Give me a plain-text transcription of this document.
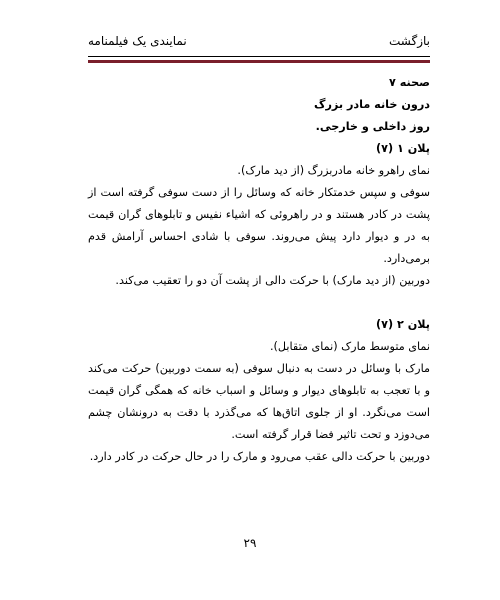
بازگشت
نمایندی یک فیلمنامه

صحنه ۷

درون خانه مادر بزرگ

روز داخلی و خارجی.

پلان ۱ (۷)

نمای راهرو خانه مادربزرگ (از دید مارک).

سوفی و سپس خدمتکار خانه که وسائل را از دست سوفی گرفته است از پشت در کادر هستند و در راهروئی که اشیاء نفیس و تابلوهای گران قیمت به در و دیوار دارد پیش می‌روند. سوفی با شادی احساس آرامش قدم برمی‌دارد.

دوربین (از دید مارک) با حرکت دالی از پشت آن دو را تعقیب می‌کند.

پلان ۲ (۷)

نمای متوسط مارک (نمای متقابل).

مارک با وسائل در دست به دنبال سوفی (به سمت دوربین) حرکت می‌کند و با تعجب به تابلوهای دیوار و وسائل و اسباب خانه که همگی گران قیمت است می‌نگرد. او از جلوی اتاق‌ها که می‌گذرد با دقت به درونشان چشم می‌دوزد و تحت تاثیر فضا قرار گرفته است.

دوربین با حرکت دالی عقب می‌رود و مارک را در حال حرکت در کادر دارد.

۲۹
